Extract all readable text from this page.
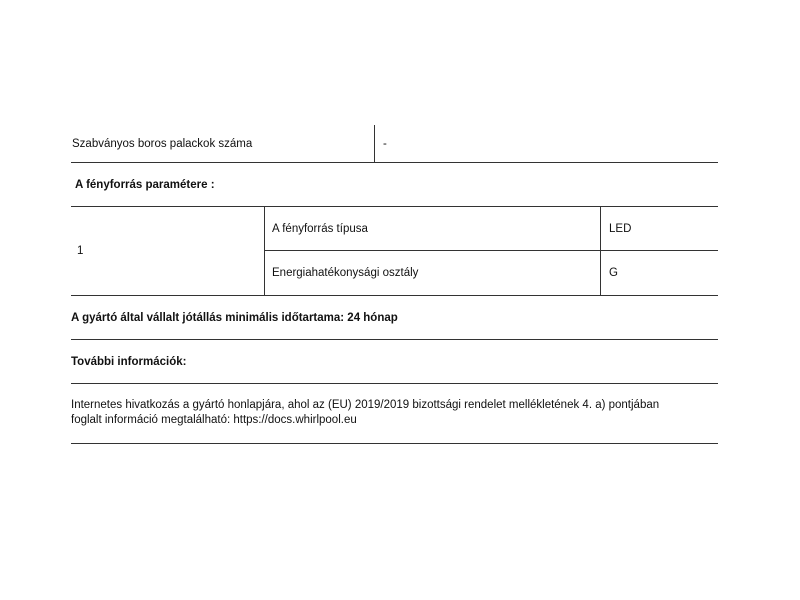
Szabványos boros palackok száma	-
A fényforrás paramétere :
1
A fényforrás típusa	LED
Energiahatékonysági osztály	G
A gyártó által vállalt jótállás minimális időtartama: 24 hónap
További információk:
Internetes hivatkozás a gyártó honlapjára, ahol az (EU) 2019/2019 bizottsági rendelet mellékletének 4. a) pontjában
foglalt információ megtalálható: https://docs.whirlpool.eu
